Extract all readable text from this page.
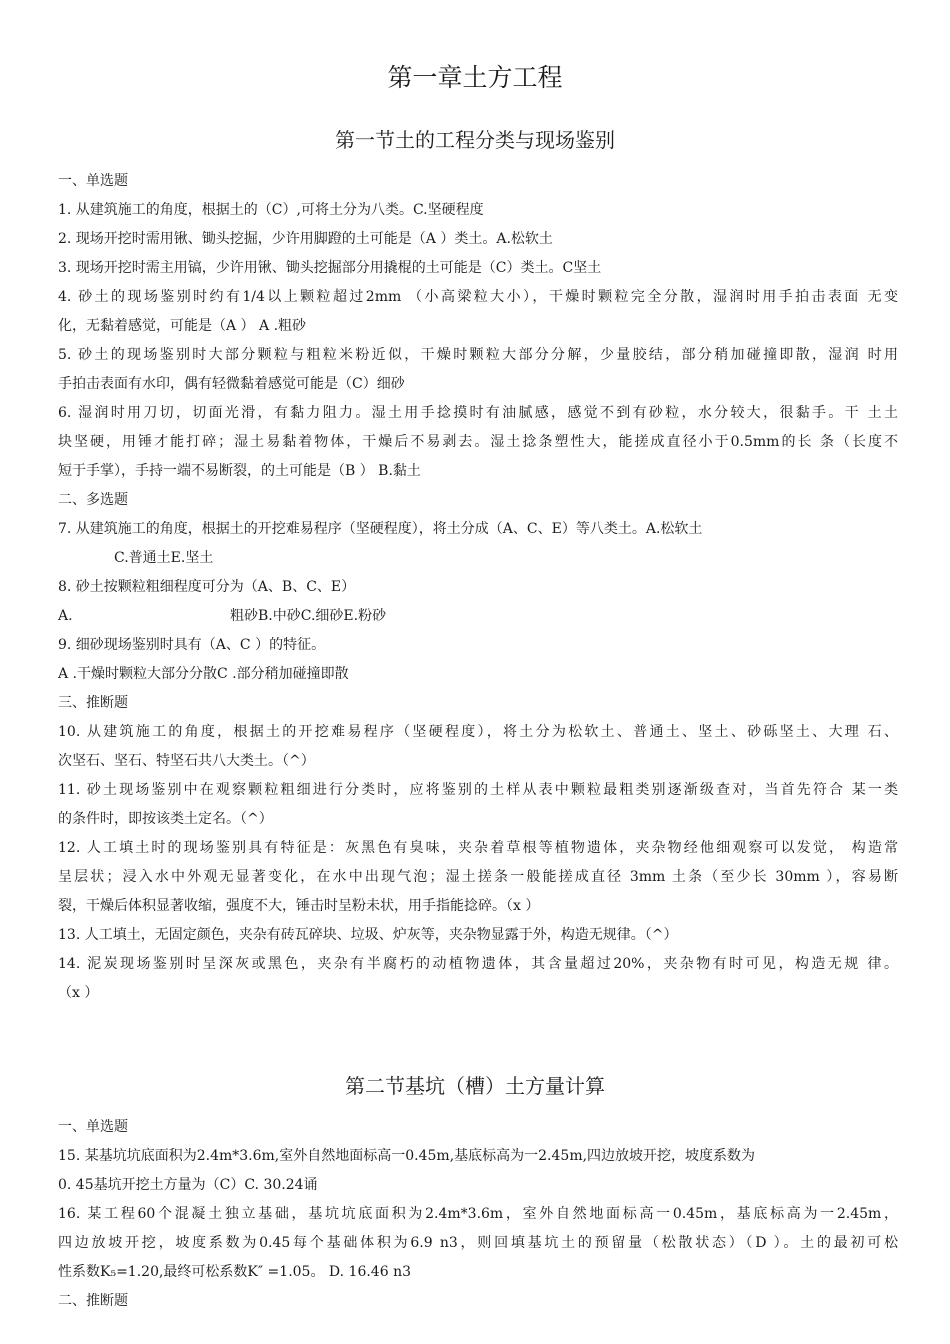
第一章土方工程
第一节土的工程分类与现场鉴别
一、单选题
1. 从建筑施工的角度，根据土的（C）,可将土分为八类。C.坚硬程度
2. 现场开挖时需用锹、锄头挖掘，少许用脚蹬的土可能是（A ）类土。A.松软土
3. 现场开挖时需主用镐，少许用锹、锄头挖掘部分用撬棍的土可能是（C）类土。C坚土
4. 砂土的现场鉴别时约有1/4以上颗粒超过2mm （小高梁粒大小），干燥时颗粒完全分散，湿润时用手拍击表面 无变
化，无黏着感觉，可能是（A ） A .粗砂
5. 砂土的现场鉴别时大部分颗粒与粗粒米粉近似，干燥时颗粒大部分分解，少量胶结，部分稍加碰撞即散，湿润 时用
手拍击表面有水印，偶有轻微黏着感觉可能是（C）细砂
6. 湿润时用刀切，切面光滑，有黏力阻力。湿土用手捻摸时有油腻感，感觉不到有砂粒，水分较大，很黏手。干 土土
块坚硬，用锤才能打碎；湿土易黏着物体，干燥后不易剥去。湿土捻条塑性大，能搓成直径小于0.5mm的长 条（长度不
短于手掌），手持一端不易断裂，的土可能是（B ） B.黏土
二、多选题
7. 从建筑施工的角度，根据土的开挖难易程序（坚硬程度），将土分成（A、C、E）等八类土。A.松软土
C.普通土E.坚土
8. 砂土按颗粒粗细程度可分为（A、B、C、E）
A.	粗砂B.中砂C.细砂E.粉砂
9. 细砂现场鉴别时具有（A、C ）的特征。
A .干燥时颗粒大部分分散C .部分稍加碰撞即散
三、推断题
10. 从建筑施工的角度，根据土的开挖难易程序（坚硬程度），将土分为松软土、普通土、坚土、砂砾坚土、大理 石、
次坚石、坚石、特坚石共八大类土。（^）
11. 砂土现场鉴别中在观察颗粒粗细进行分类时，应将鉴别的土样从表中颗粒最粗类别逐渐级查对，当首先符合 某一类
的条件时，即按该类土定名。（^）
12. 人工填土时的现场鉴别具有特征是：灰黑色有臭味，夹杂着草根等植物遗体，夹杂物经他细观察可以发觉， 构造常
呈层状；浸入水中外观无显著变化，在水中出现气泡；湿土搓条一般能搓成直径 3mm 土条（至少长 30mm ），容易断
裂，干燥后体积显著收缩，强度不大，锤击时呈粉未状，用手指能捻碎。（x ）
13. 人工填土，无固定颜色，夹杂有砖瓦碎块、垃圾、炉灰等，夹杂物显露于外，构造无规律。（^）
14. 泥炭现场鉴别时呈深灰或黑色，夹杂有半腐朽的动植物遗体，其含量超过20%，夹杂物有时可见，构造无规 律。
（x ）
第二节基坑（槽）土方量计算
一、单选题
15. 某基坑坑底面积为2.4m*3.6m,室外自然地面标高一0.45m,基底标高为一2.45m,四边放坡开挖，坡度系数为
0. 45基坑开挖土方量为（C）C. 30.24诵
16. 某工程60个混凝土独立基础，基坑坑底面积为2.4m*3.6m，室外自然地面标高一0.45m，基底标高为一2.45m，
四边放坡开挖，坡度系数为0.45每个基础体积为6.9 n3，则回填基坑土的预留量（松散状态）（D ）。土的最初可松
性系数K₅=1.20,最终可松系数K″ =1.05。 D. 16.46 n3
二、推断题
